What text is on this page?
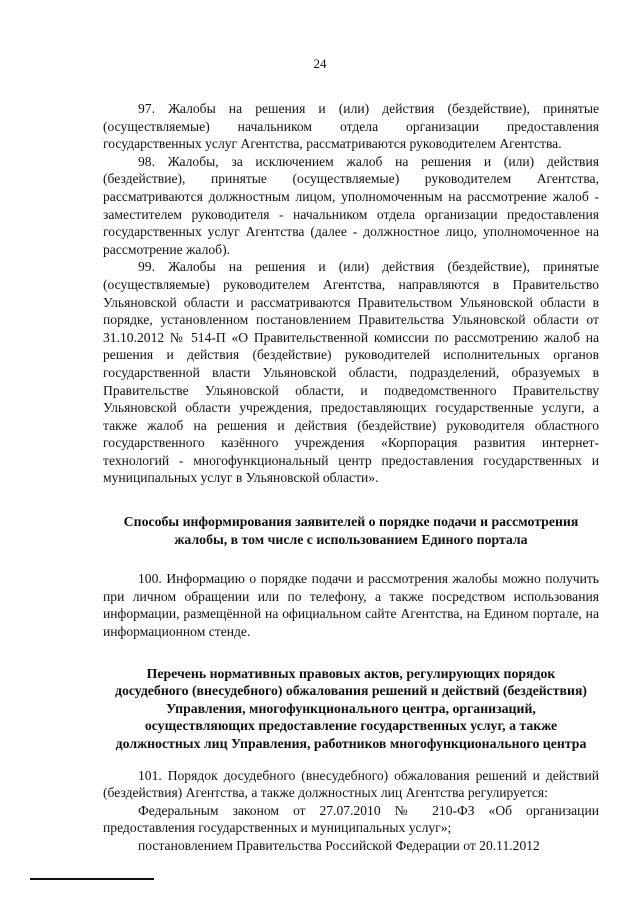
24

97. Жалобы на решения и (или) действия (бездействие), принятые (осуществляемые) начальником отдела организации предоставления государственных услуг Агентства, рассматриваются руководителем Агентства.

98. Жалобы, за исключением жалоб на решения и (или) действия (бездействие), принятые (осуществляемые) руководителем Агентства, рассматриваются должностным лицом, уполномоченным на рассмотрение жалоб - заместителем руководителя - начальником отдела организации предоставления государственных услуг Агентства (далее - должностное лицо, уполномоченное на рассмотрение жалоб).

99. Жалобы на решения и (или) действия (бездействие), принятые (осуществляемые) руководителем Агентства, направляются в Правительство Ульяновской области и рассматриваются Правительством Ульяновской области в порядке, установленном постановлением Правительства Ульяновской области от 31.10.2012 № 514-П «О Правительственной комиссии по рассмотрению жалоб на решения и действия (бездействие) руководителей исполнительных органов государственной власти Ульяновской области, подразделений, образуемых в Правительстве Ульяновской области, и подведомственного Правительству Ульяновской области учреждения, предоставляющих государственные услуги, а также жалоб на решения и действия (бездействие) руководителя областного государственного казённого учреждения «Корпорация развития интернет-технологий - многофункциональный центр предоставления государственных и муниципальных услуг в Ульяновской области».

Способы информирования заявителей о порядке подачи и рассмотрения жалобы, в том числе с использованием Единого портала

100. Информацию о порядке подачи и рассмотрения жалобы можно получить при личном обращении или по телефону, а также посредством использования информации, размещённой на официальном сайте Агентства, на Едином портале, на информационном стенде.

Перечень нормативных правовых актов, регулирующих порядок досудебного (внесудебного) обжалования решений и действий (бездействия) Управления, многофункционального центра, организаций, осуществляющих предоставление государственных услуг, а также должностных лиц Управления, работников многофункционального центра

101. Порядок досудебного (внесудебного) обжалования решений и действий (бездействия) Агентства, а также должностных лиц Агентства регулируется:

Федеральным законом от 27.07.2010 № 210-ФЗ «Об организации предоставления государственных и муниципальных услуг»;

постановлением Правительства Российской Федерации от 20.11.2012
